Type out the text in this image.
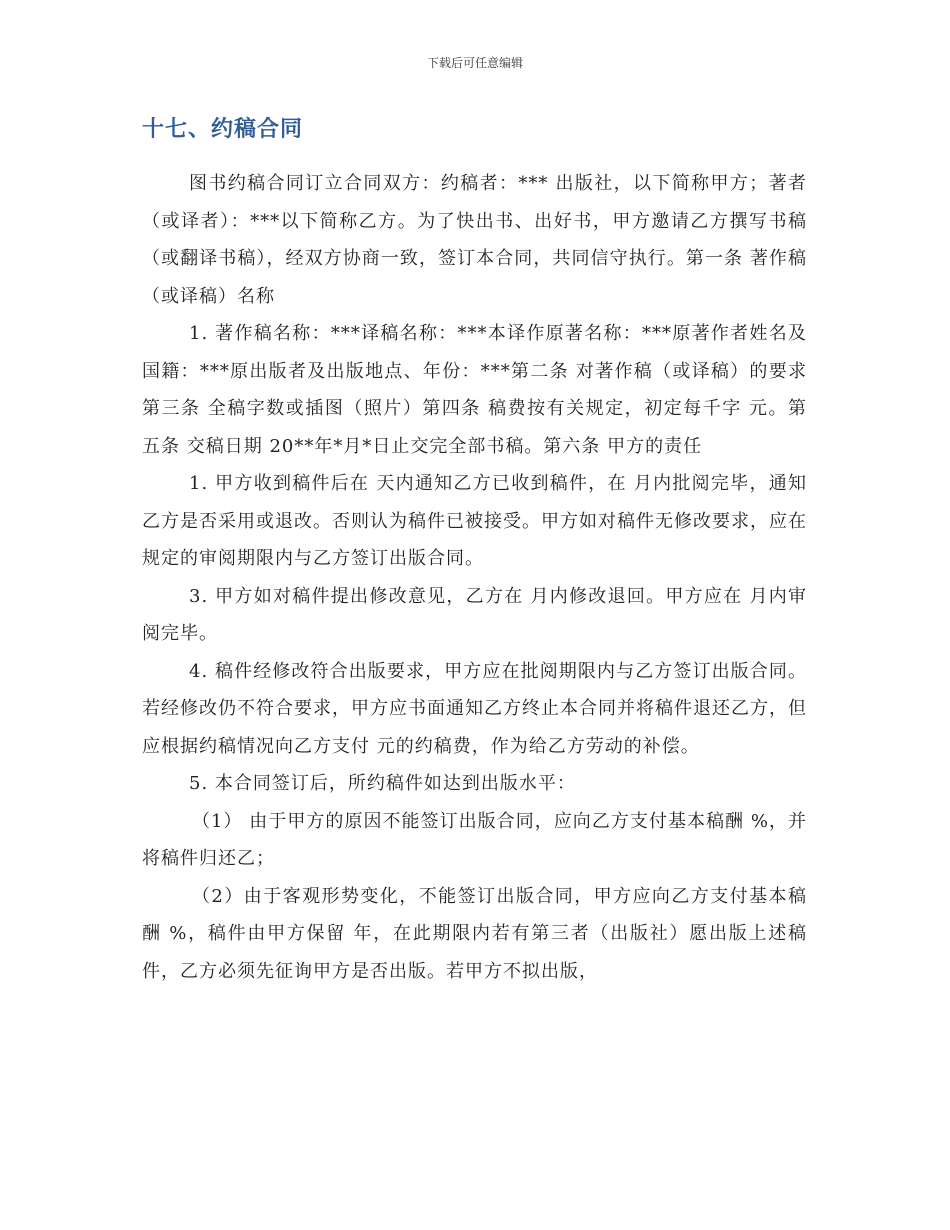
下载后可任意编辑
十七、约稿合同

图书约稿合同订立合同双方：约稿者：*** 出版社，以下简称甲方；著者（或译者）：***以下简称乙方。为了快出书、出好书，甲方邀请乙方撰写书稿（或翻译书稿），经双方协商一致，签订本合同，共同信守执行。第一条 著作稿（或译稿）名称

1. 著作稿名称：***译稿名称：***本译作原著名称：***原著作者姓名及国籍：***原出版者及出版地点、年份：***第二条 对著作稿（或译稿）的要求第三条 全稿字数或插图（照片）第四条 稿费按有关规定，初定每千字 元。第五条 交稿日期 20**年*月*日止交完全部书稿。第六条 甲方的责任

1. 甲方收到稿件后在 天内通知乙方已收到稿件，在 月内批阅完毕，通知乙方是否采用或退改。否则认为稿件已被接受。甲方如对稿件无修改要求，应在规定的审阅期限内与乙方签订出版合同。

3. 甲方如对稿件提出修改意见，乙方在 月内修改退回。甲方应在 月内审阅完毕。

4. 稿件经修改符合出版要求，甲方应在批阅期限内与乙方签订出版合同。若经修改仍不符合要求，甲方应书面通知乙方终止本合同并将稿件退还乙方，但应根据约稿情况向乙方支付 元的约稿费，作为给乙方劳动的补偿。

5. 本合同签订后，所约稿件如达到出版水平：

（1） 由于甲方的原因不能签订出版合同，应向乙方支付基本稿酬 %，并将稿件归还乙；

（2）由于客观形势变化，不能签订出版合同，甲方应向乙方支付基本稿酬 %，稿件由甲方保留 年，在此期限内若有第三者（出版社）愿出版上述稿件，乙方必须先征询甲方是否出版。若甲方不拟出版，
